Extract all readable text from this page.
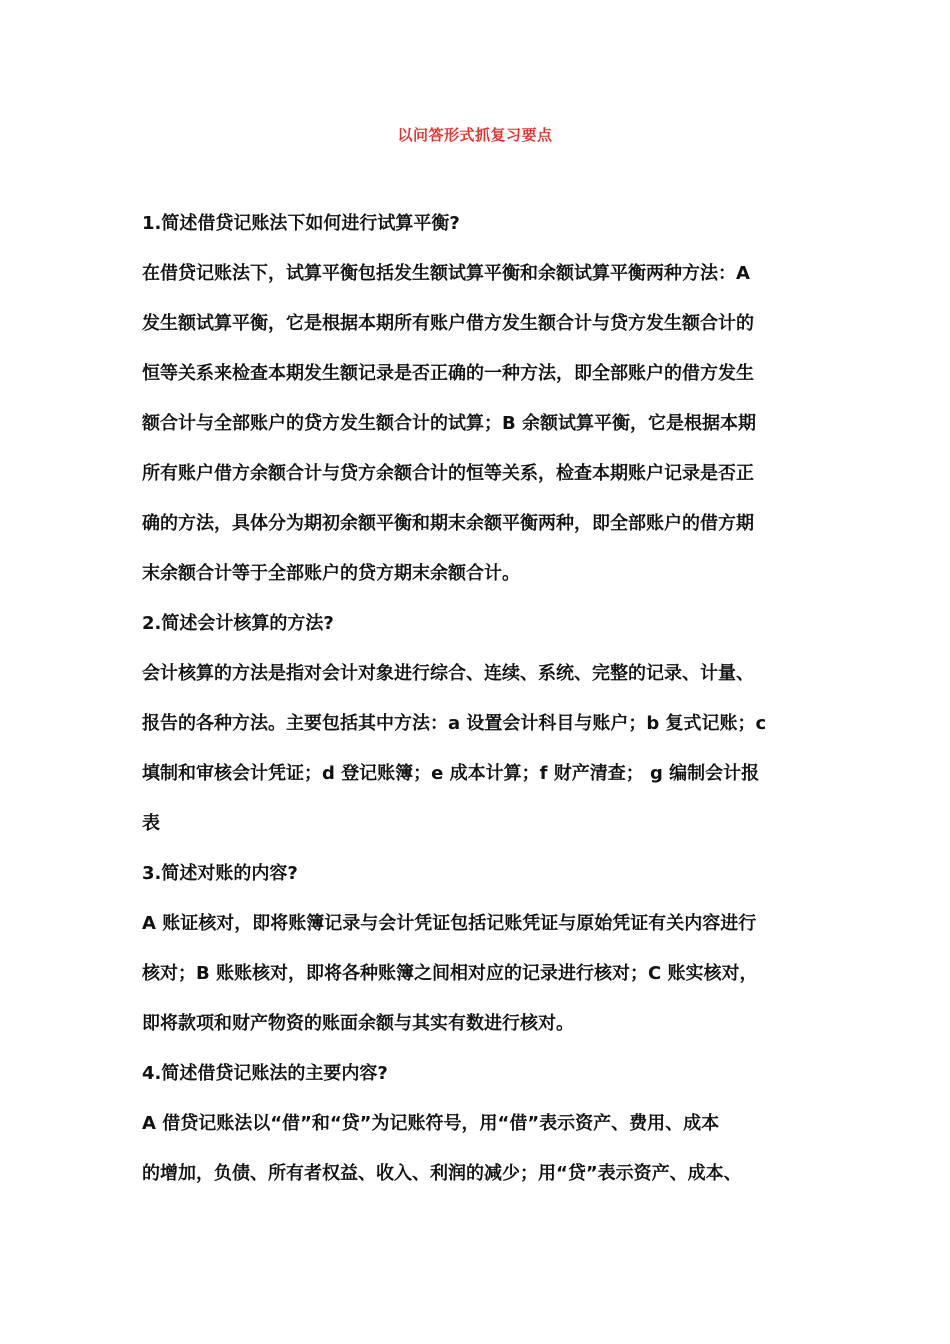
以问答形式抓复习要点
1.简述借贷记账法下如何进行试算平衡?
在借贷记账法下，试算平衡包括发生额试算平衡和余额试算平衡两种方法：A
发生额试算平衡，它是根据本期所有账户借方发生额合计与贷方发生额合计的
恒等关系来检查本期发生额记录是否正确的一种方法，即全部账户的借方发生
额合计与全部账户的贷方发生额合计的试算；B 余额试算平衡，它是根据本期
所有账户借方余额合计与贷方余额合计的恒等关系，检查本期账户记录是否正
确的方法，具体分为期初余额平衡和期末余额平衡两种，即全部账户的借方期
末余额合计等于全部账户的贷方期末余额合计。
2.简述会计核算的方法?
会计核算的方法是指对会计对象进行综合、连续、系统、完整的记录、计量、
报告的各种方法。主要包括其中方法：a 设置会计科目与账户；b 复式记账；c
填制和审核会计凭证；d 登记账簿；e 成本计算；f 财产清查； g 编制会计报
表
3.简述对账的内容?
A 账证核对，即将账簿记录与会计凭证包括记账凭证与原始凭证有关内容进行
核对；B 账账核对，即将各种账簿之间相对应的记录进行核对；C 账实核对，
即将款项和财产物资的账面余额与其实有数进行核对。
4.简述借贷记账法的主要内容?
A 借贷记账法以“借”和“贷”为记账符号，用“借”表示资产、费用、成本
的增加，负债、所有者权益、收入、利润的减少；用“贷”表示资产、成本、
